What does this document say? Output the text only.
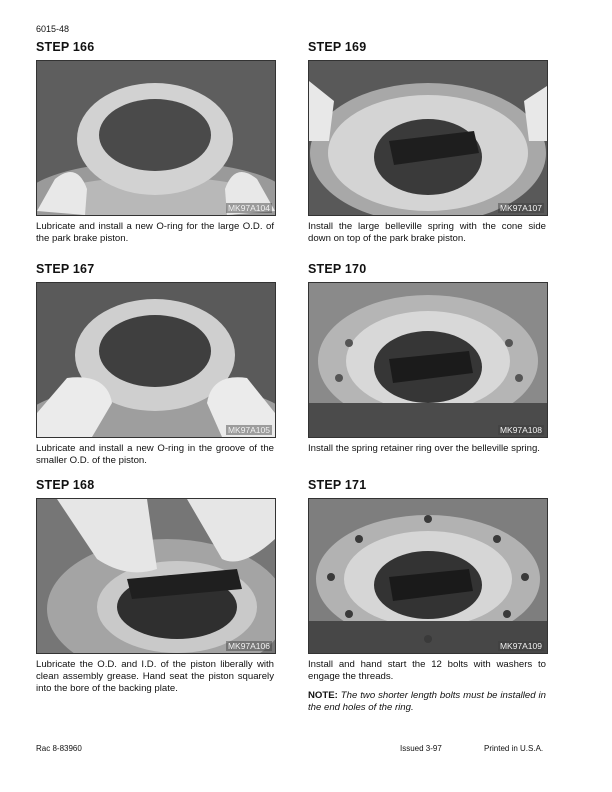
6015-48
STEP 166
MK97A104

Lubricate and install a new O-ring for the large O.D. of the park brake piston.

STEP 167
MK97A105

Lubricate and install a new O-ring in the groove of the smaller O.D. of the piston.

STEP 168
MK97A106

Lubricate the O.D. and I.D. of the piston liberally with clean assembly grease. Hand seat the piston squarely into the bore of the backing plate.

STEP 169
MK97A107

Install the large belleville spring with the cone side down on top of the park brake piston.

STEP 170
MK97A108

Install the spring retainer ring over the belleville spring.

STEP 171
MK97A109

Install and hand start the 12 bolts with washers to engage the threads.

NOTE: The two shorter length bolts must be installed in the end holes of the ring.
Rac 8-83960	Issued 3-97	Printed in U.S.A.
